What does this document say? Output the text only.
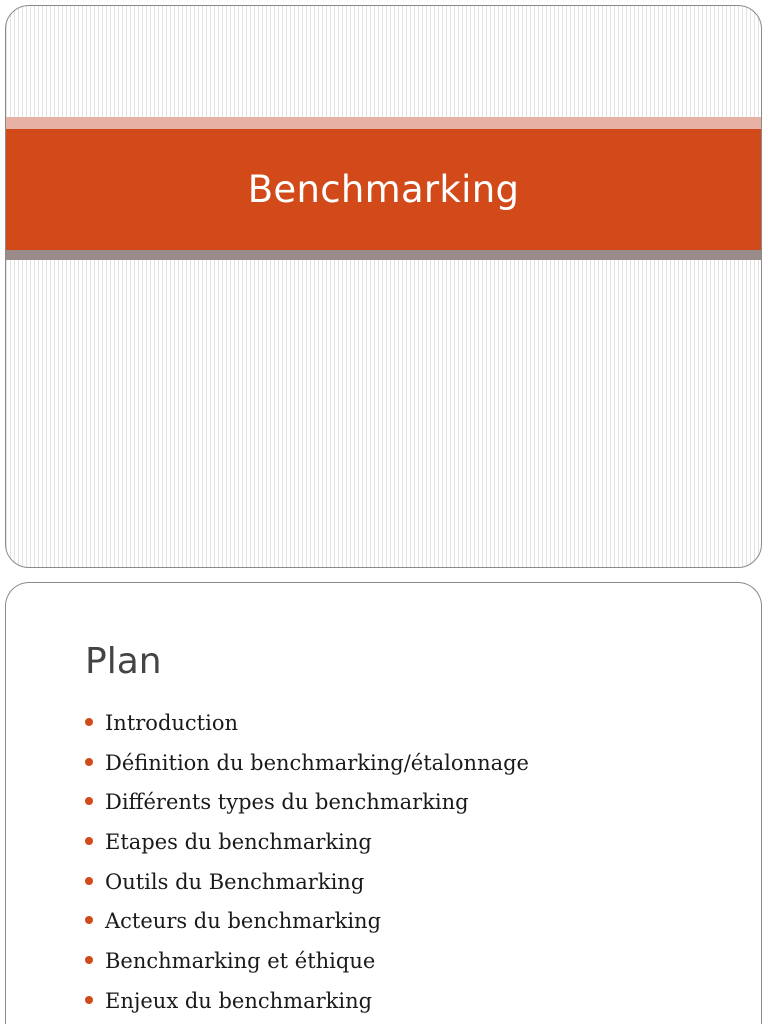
Benchmarking
Plan
Introduction
Définition du benchmarking/étalonnage
Différents types du benchmarking
Etapes du benchmarking
Outils du Benchmarking
Acteurs du benchmarking
Benchmarking et éthique
Enjeux du benchmarking
